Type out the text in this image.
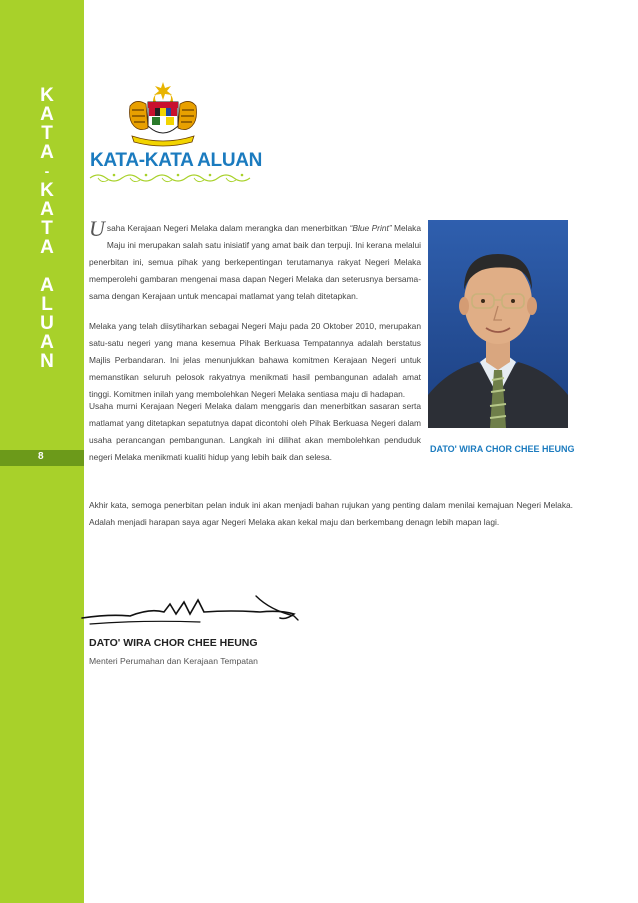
K
A
T
A
-
K
A
T
A
A
L
U
A
N
8
KATA-KATA ALUAN

Usaha Kerajaan Negeri Melaka dalam merangka dan menerbitkan “Blue Print” Melaka Maju ini merupakan salah satu inisiatif yang amat baik dan terpuji. Ini kerana melalui penerbitan ini, semua pihak yang berkepentingan terutamanya rakyat Negeri Melaka memperolehi gambaran mengenai masa dapan Negeri Melaka dan seterusnya bersama-sama dengan Kerajaan untuk mencapai matlamat yang telah ditetapkan.

Melaka yang telah diisytiharkan sebagai Negeri Maju pada 20 Oktober 2010, merupakan satu-satu negeri yang mana kesemua Pihak Berkuasa Tempatannya adalah berstatus Majlis Perbandaran. Ini jelas menunjukkan bahawa komitmen Kerajaan Negeri untuk memanstikan seluruh pelosok rakyatnya menikmati hasil pembangunan adalah amat tinggi. Komitmen inilah yang membolehkan Negeri Melaka sentiasa maju di hadapan.

Usaha murni Kerajaan Negeri Melaka dalam menggaris dan menerbitkan sasaran serta matlamat yang ditetapkan sepatutnya dapat dicontohi oleh Pihak Berkuasa Negeri dalam usaha perancangan pembangunan. Langkah ini dilihat akan membolehkan penduduk negeri Melaka menikmati kualiti hidup yang lebih baik dan selesa.

Akhir kata, semoga penerbitan pelan induk ini akan menjadi bahan rujukan yang penting dalam menilai kemajuan Negeri Melaka. Adalah menjadi harapan saya agar Negeri Melaka akan kekal maju dan berkembang denagn lebih mapan lagi.

DATO' WIRA CHOR CHEE HEUNG
DATO' WIRA CHOR CHEE HEUNG
Menteri Perumahan dan Kerajaan Tempatan
